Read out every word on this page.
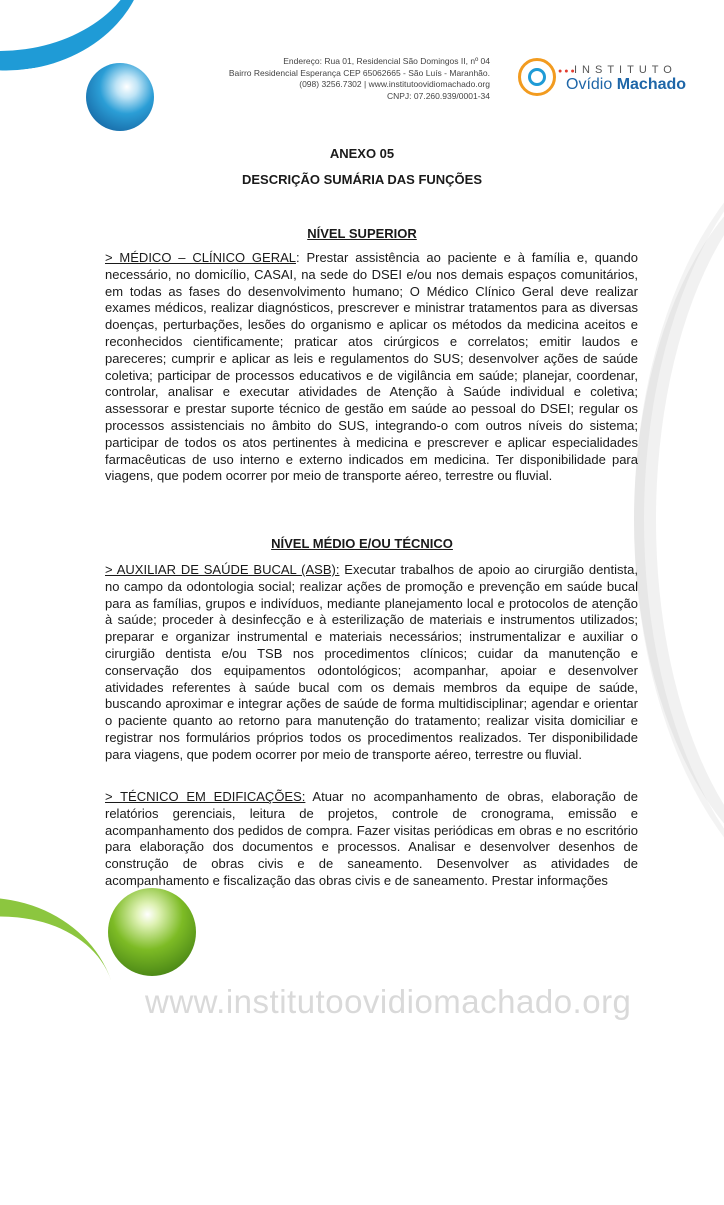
Endereço: Rua 01, Residencial São Domingos II, nº 04
Bairro Residencial Esperança CEP 65062665 - São Luís - Maranhão.
(098) 3256.7302 | www.institutoovidiomachado.org
CNPJ: 07.260.939/0001-34
●●●
INSTITUTO
Ovídio Machado
ANEXO 05
DESCRIÇÃO SUMÁRIA DAS FUNÇÕES
NÍVEL SUPERIOR

> MÉDICO – CLÍNICO GERAL: Prestar assistência ao paciente e à família e, quando necessário, no domicílio, CASAI, na sede do DSEI e/ou nos demais espaços comunitários, em todas as fases do desenvolvimento humano; O Médico Clínico Geral deve realizar exames médicos, realizar diagnósticos, prescrever e ministrar tratamentos para as diversas doenças, perturbações, lesões do organismo e aplicar os métodos da medicina aceitos e reconhecidos cientificamente; praticar atos cirúrgicos e correlatos; emitir laudos e pareceres; cumprir e aplicar as leis e regulamentos do SUS; desenvolver ações de saúde coletiva; participar de processos educativos e de vigilância em saúde; planejar, coordenar, controlar, analisar e executar atividades de Atenção à Saúde individual e coletiva; assessorar e prestar suporte técnico de gestão em saúde ao pessoal do DSEI; regular os processos assistenciais no âmbito do SUS, integrando-o com outros níveis do sistema; participar de todos os atos pertinentes à medicina e prescrever e aplicar especialidades farmacêuticas de uso interno e externo indicados em medicina. Ter disponibilidade para viagens, que podem ocorrer por meio de transporte aéreo, terrestre ou fluvial.

NÍVEL MÉDIO E/OU TÉCNICO

> AUXILIAR DE SAÚDE BUCAL (ASB): Executar trabalhos de apoio ao cirurgião dentista, no campo da odontologia social; realizar ações de promoção e prevenção em saúde bucal para as famílias, grupos e indivíduos, mediante planejamento local e protocolos de atenção à saúde; proceder à desinfecção e à esterilização de materiais e instrumentos utilizados; preparar e organizar instrumental e materiais necessários; instrumentalizar e auxiliar o cirurgião dentista e/ou TSB nos procedimentos clínicos; cuidar da manutenção e conservação dos equipamentos odontológicos; acompanhar, apoiar e desenvolver atividades referentes à saúde bucal com os demais membros da equipe de saúde, buscando aproximar e integrar ações de saúde de forma multidisciplinar; agendar e orientar o paciente quanto ao retorno para manutenção do tratamento; realizar visita domiciliar e registrar nos formulários próprios todos os procedimentos realizados. Ter disponibilidade para viagens, que podem ocorrer por meio de transporte aéreo, terrestre ou fluvial.

> TÉCNICO EM EDIFICAÇÕES: Atuar no acompanhamento de obras, elaboração de relatórios gerenciais, leitura de projetos, controle de cronograma, emissão e acompanhamento dos pedidos de compra. Fazer visitas periódicas em obras e no escritório para elaboração dos documentos e processos. Analisar e desenvolver desenhos de construção de obras civis e de saneamento. Desenvolver as atividades de acompanhamento e fiscalização das obras civis e de saneamento. Prestar informações

www.institutoovidiomachado.org
